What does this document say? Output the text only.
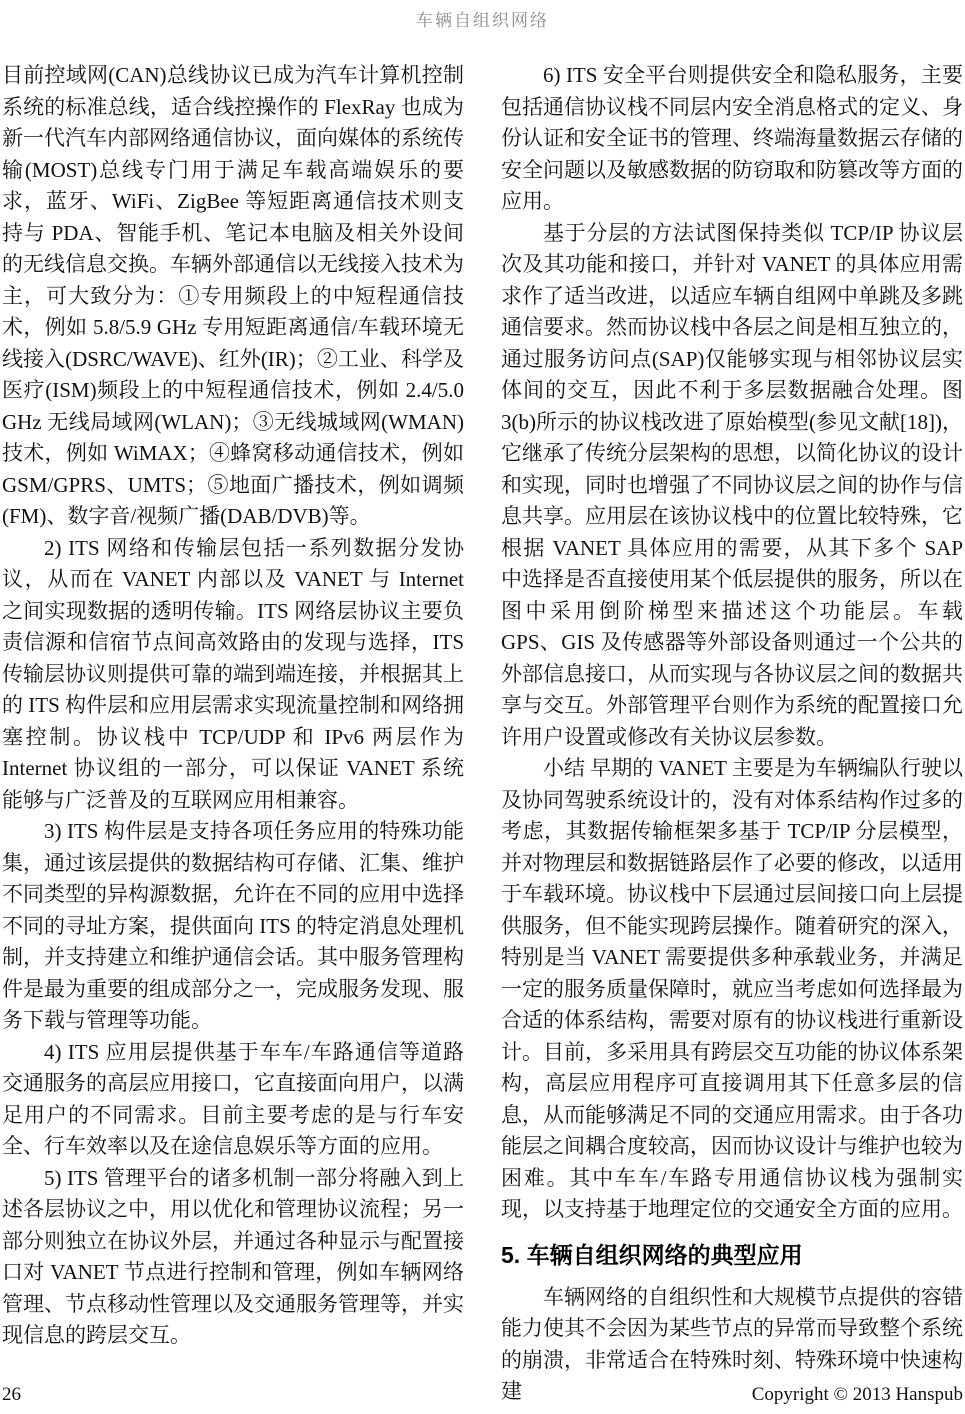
车辆自组织网络

目前控域网(CAN)总线协议已成为汽车计算机控制系统的标准总线，适合线控操作的 FlexRay 也成为新一代汽车内部网络通信协议，面向媒体的系统传输(MOST)总线专门用于满足车载高端娱乐的要求，蓝牙、WiFi、ZigBee 等短距离通信技术则支持与 PDA、智能手机、笔记本电脑及相关外设间的无线信息交换。车辆外部通信以无线接入技术为主，可大致分为：①专用频段上的中短程通信技术，例如 5.8/5.9 GHz 专用短距离通信/车载环境无线接入(DSRC/WAVE)、红外(IR)；②工业、科学及医疗(ISM)频段上的中短程通信技术，例如 2.4/5.0 GHz 无线局域网(WLAN)；③无线城域网(WMAN)技术，例如 WiMAX；④蜂窝移动通信技术，例如 GSM/GPRS、UMTS；⑤地面广播技术，例如调频(FM)、数字音/视频广播(DAB/DVB)等。

2) ITS 网络和传输层包括一系列数据分发协议，从而在 VANET 内部以及 VANET 与 Internet 之间实现数据的透明传输。ITS 网络层协议主要负责信源和信宿节点间高效路由的发现与选择，ITS 传输层协议则提供可靠的端到端连接，并根据其上的 ITS 构件层和应用层需求实现流量控制和网络拥塞控制。协议栈中 TCP/UDP 和 IPv6 两层作为 Internet 协议组的一部分，可以保证 VANET 系统能够与广泛普及的互联网应用相兼容。

3) ITS 构件层是支持各项任务应用的特殊功能集，通过该层提供的数据结构可存储、汇集、维护不同类型的异构源数据，允许在不同的应用中选择不同的寻址方案，提供面向 ITS 的特定消息处理机制，并支持建立和维护通信会话。其中服务管理构件是最为重要的组成部分之一，完成服务发现、服务下载与管理等功能。

4) ITS 应用层提供基于车车/车路通信等道路交通服务的高层应用接口，它直接面向用户，以满足用户的不同需求。目前主要考虑的是与行车安全、行车效率以及在途信息娱乐等方面的应用。

5) ITS 管理平台的诸多机制一部分将融入到上述各层协议之中，用以优化和管理协议流程；另一部分则独立在协议外层，并通过各种显示与配置接口对 VANET 节点进行控制和管理，例如车辆网络管理、节点移动性管理以及交通服务管理等，并实现信息的跨层交互。

6) ITS 安全平台则提供安全和隐私服务，主要包括通信协议栈不同层内安全消息格式的定义、身份认证和安全证书的管理、终端海量数据云存储的安全问题以及敏感数据的防窃取和防篡改等方面的应用。

基于分层的方法试图保持类似 TCP/IP 协议层次及其功能和接口，并针对 VANET 的具体应用需求作了适当改进，以适应车辆自组网中单跳及多跳通信要求。然而协议栈中各层之间是相互独立的，通过服务访问点(SAP)仅能够实现与相邻协议层实体间的交互，因此不利于多层数据融合处理。图 3(b)所示的协议栈改进了原始模型(参见文献[18])，它继承了传统分层架构的思想，以简化协议的设计和实现，同时也增强了不同协议层之间的协作与信息共享。应用层在该协议栈中的位置比较特殊，它根据 VANET 具体应用的需要，从其下多个 SAP 中选择是否直接使用某个低层提供的服务，所以在图中采用倒阶梯型来描述这个功能层。车载 GPS、GIS 及传感器等外部设备则通过一个公共的外部信息接口，从而实现与各协议层之间的数据共享与交互。外部管理平台则作为系统的配置接口允许用户设置或修改有关协议层参数。

小结 早期的 VANET 主要是为车辆编队行驶以及协同驾驶系统设计的，没有对体系结构作过多的考虑，其数据传输框架多基于 TCP/IP 分层模型，并对物理层和数据链路层作了必要的修改，以适用于车载环境。协议栈中下层通过层间接口向上层提供服务，但不能实现跨层操作。随着研究的深入，特别是当 VANET 需要提供多种承载业务，并满足一定的服务质量保障时，就应当考虑如何选择最为合适的体系结构，需要对原有的协议栈进行重新设计。目前，多采用具有跨层交互功能的协议体系架构，高层应用程序可直接调用其下任意多层的信息，从而能够满足不同的交通应用需求。由于各功能层之间耦合度较高，因而协议设计与维护也较为困难。其中车车/车路专用通信协议栈为强制实现，以支持基于地理定位的交通安全方面的应用。

5. 车辆自组织网络的典型应用

车辆网络的自组织性和大规模节点提供的容错能力使其不会因为某些节点的异常而导致整个系统的崩溃，非常适合在特殊时刻、特殊环境中快速构建

26	Copyright © 2013 Hanspub
